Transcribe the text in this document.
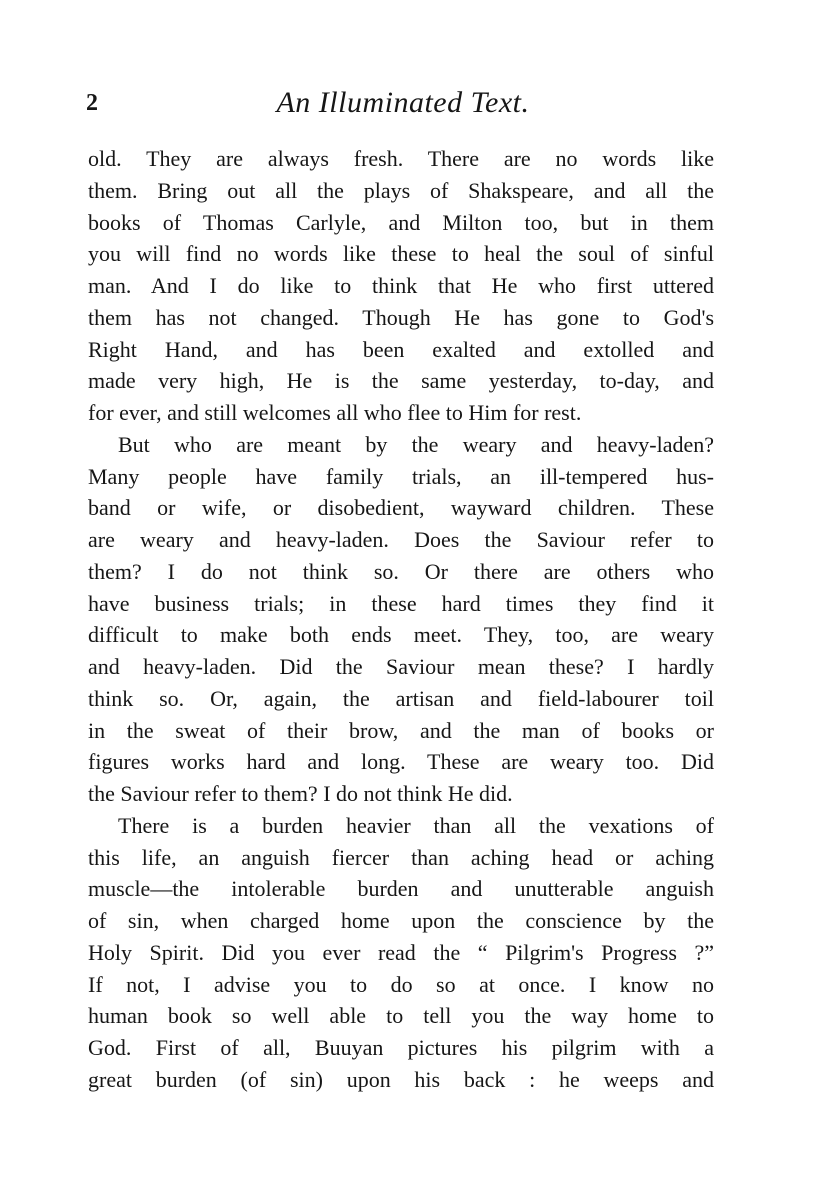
2	An Illuminated Text.
old. They are always fresh. There are no words like
them. Bring out all the plays of Shakspeare, and all the
books of Thomas Carlyle, and Milton too, but in them
you will find no words like these to heal the soul of sinful
man. And I do like to think that He who first uttered
them has not changed. Though He has gone to God's
Right Hand, and has been exalted and extolled and
made very high, He is the same yesterday, to-day, and
for ever, and still welcomes all who flee to Him for rest.
But who are meant by the weary and heavy-laden?
Many people have family trials, an ill-tempered hus-
band or wife, or disobedient, wayward children. These
are weary and heavy-laden. Does the Saviour refer to
them? I do not think so. Or there are others who
have business trials; in these hard times they find it
difficult to make both ends meet. They, too, are weary
and heavy-laden. Did the Saviour mean these? I hardly
think so. Or, again, the artisan and field-labourer toil
in the sweat of their brow, and the man of books or
figures works hard and long. These are weary too. Did
the Saviour refer to them? I do not think He did.
There is a burden heavier than all the vexations of
this life, an anguish fiercer than aching head or aching
muscle—the intolerable burden and unutterable anguish
of sin, when charged home upon the conscience by the
Holy Spirit. Did you ever read the “ Pilgrim's Progress ?”
If not, I advise you to do so at once. I know no
human book so well able to tell you the way home to
God. First of all, Buuyan pictures his pilgrim with a
great burden (of sin) upon his back : he weeps and
